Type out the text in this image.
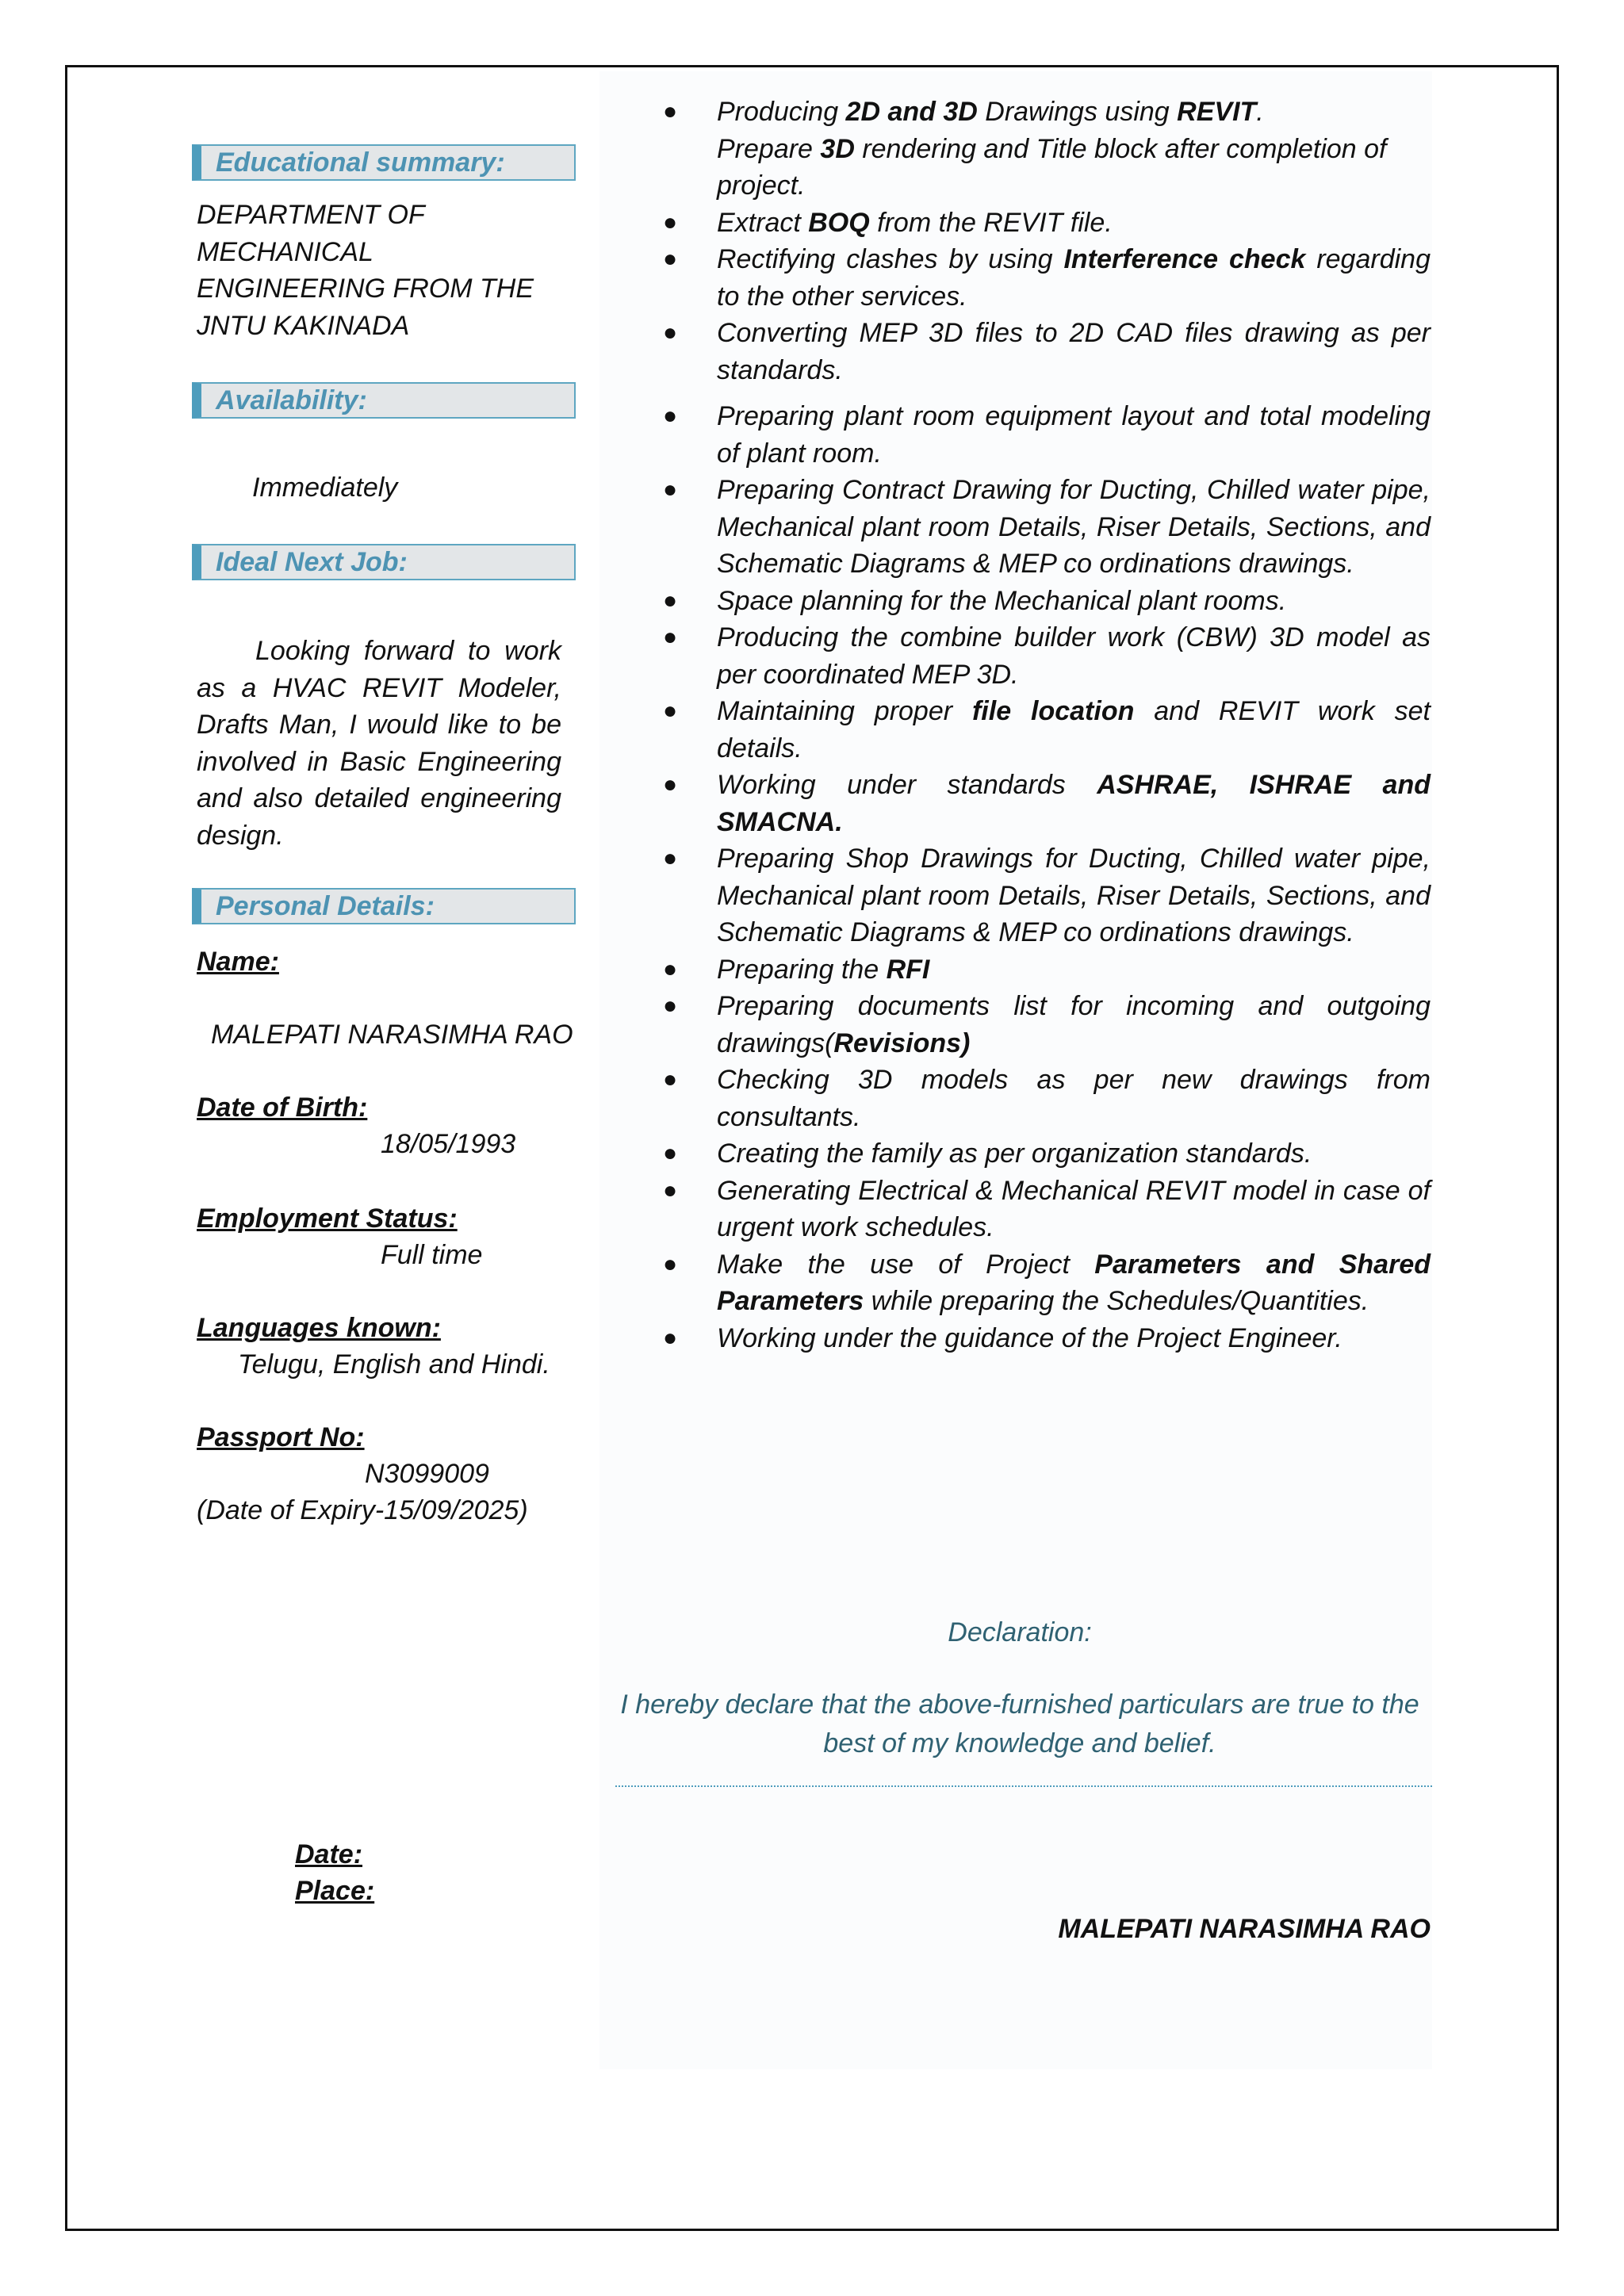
Educational summary:
DEPARTMENT OF MECHANICAL ENGINEERING FROM THE JNTU KAKINADA
Availability:
Immediately
Ideal Next Job:
Looking forward to work as a HVAC REVIT Modeler, Drafts Man, I would like to be involved in Basic Engineering and also detailed engineering design.
Personal Details:
Name:
MALEPATI NARASIMHA RAO
Date of Birth:
18/05/1993
Employment Status:
Full time
Languages known:
Telugu, English and Hindi.
Passport No:
N3099009
(Date of Expiry-15/09/2025)
● Producing 2D and 3D Drawings using REVIT.
Prepare 3D rendering and Title block after completion of project.
● Extract BOQ from the REVIT file.
● Rectifying clashes by using Interference check regarding to the other services.
● Converting MEP 3D files to 2D CAD files drawing as per standards.
● Preparing plant room equipment layout and total modeling of plant room.
● Preparing Contract Drawing for Ducting, Chilled water pipe, Mechanical plant room Details, Riser Details, Sections, and Schematic Diagrams & MEP co ordinations drawings.
● Space planning for the Mechanical plant rooms.
● Producing the combine builder work (CBW) 3D model as per coordinated MEP 3D.
● Maintaining proper file location and REVIT work set details.
● Working under standards ASHRAE, ISHRAE and SMACNA.
● Preparing Shop Drawings for Ducting, Chilled water pipe, Mechanical plant room Details, Riser Details, Sections, and Schematic Diagrams & MEP co ordinations drawings.
● Preparing the RFI
● Preparing documents list for incoming and outgoing drawings(Revisions)
● Checking 3D models as per new drawings from consultants.
● Creating the family as per organization standards.
● Generating Electrical & Mechanical REVIT model in case of urgent work schedules.
● Make the use of Project Parameters and Shared Parameters while preparing the Schedules/Quantities.
● Working under the guidance of the Project Engineer.
Declaration:
I hereby declare that the above-furnished particulars are true to the best of my knowledge and belief.
Date:
Place:
MALEPATI NARASIMHA RAO
